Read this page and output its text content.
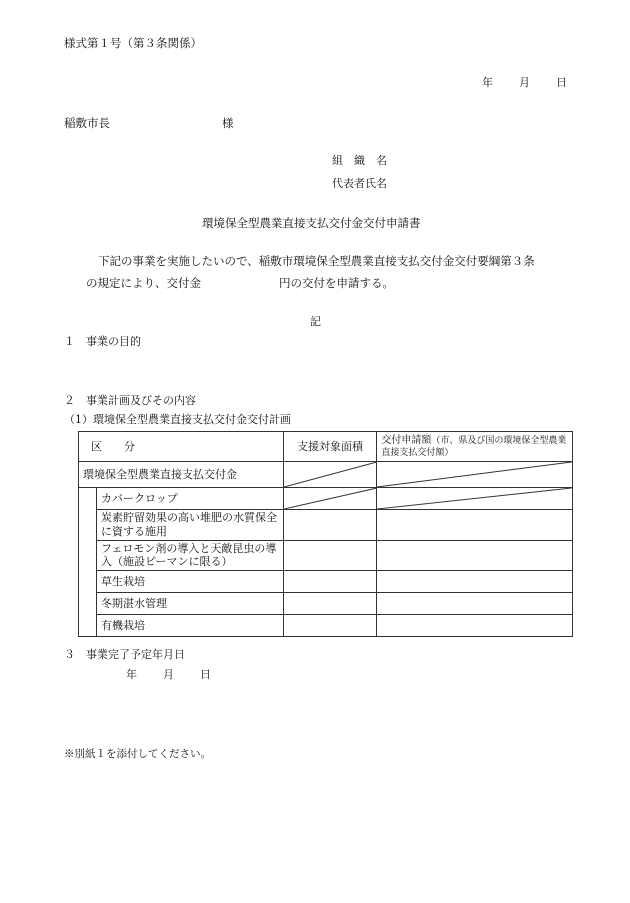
様式第１号（第３条関係）
年 月 日
稲敷市長	様
組　織　名
代表者氏名
環境保全型農業直接支払交付金交付申請書
下記の事業を実施したいので、稲敷市環境保全型農業直接支払交付金交付要綱第３条
の規定により、交付金	円の交付を申請する。
記
１　事業の目的
２　事業計画及びその内容
（1）環境保全型農業直接支払交付金交付計画
区　　分		支援対象面積	交付申請額（市、県及び国の環境保全型農業直接支払交付額）
環境保全型農業直接支払交付金	

	カバークロップ	

	炭素貯留効果の高い堆肥の水質保全に資する施用		
	フェロモン剤の導入と天敵昆虫の導入（施設ピーマンに限る）		
	草生栽培		
	冬期湛水管理		
	有機栽培		
３　事業完了予定年月日
年 月 日
※別紙１を添付してください。
